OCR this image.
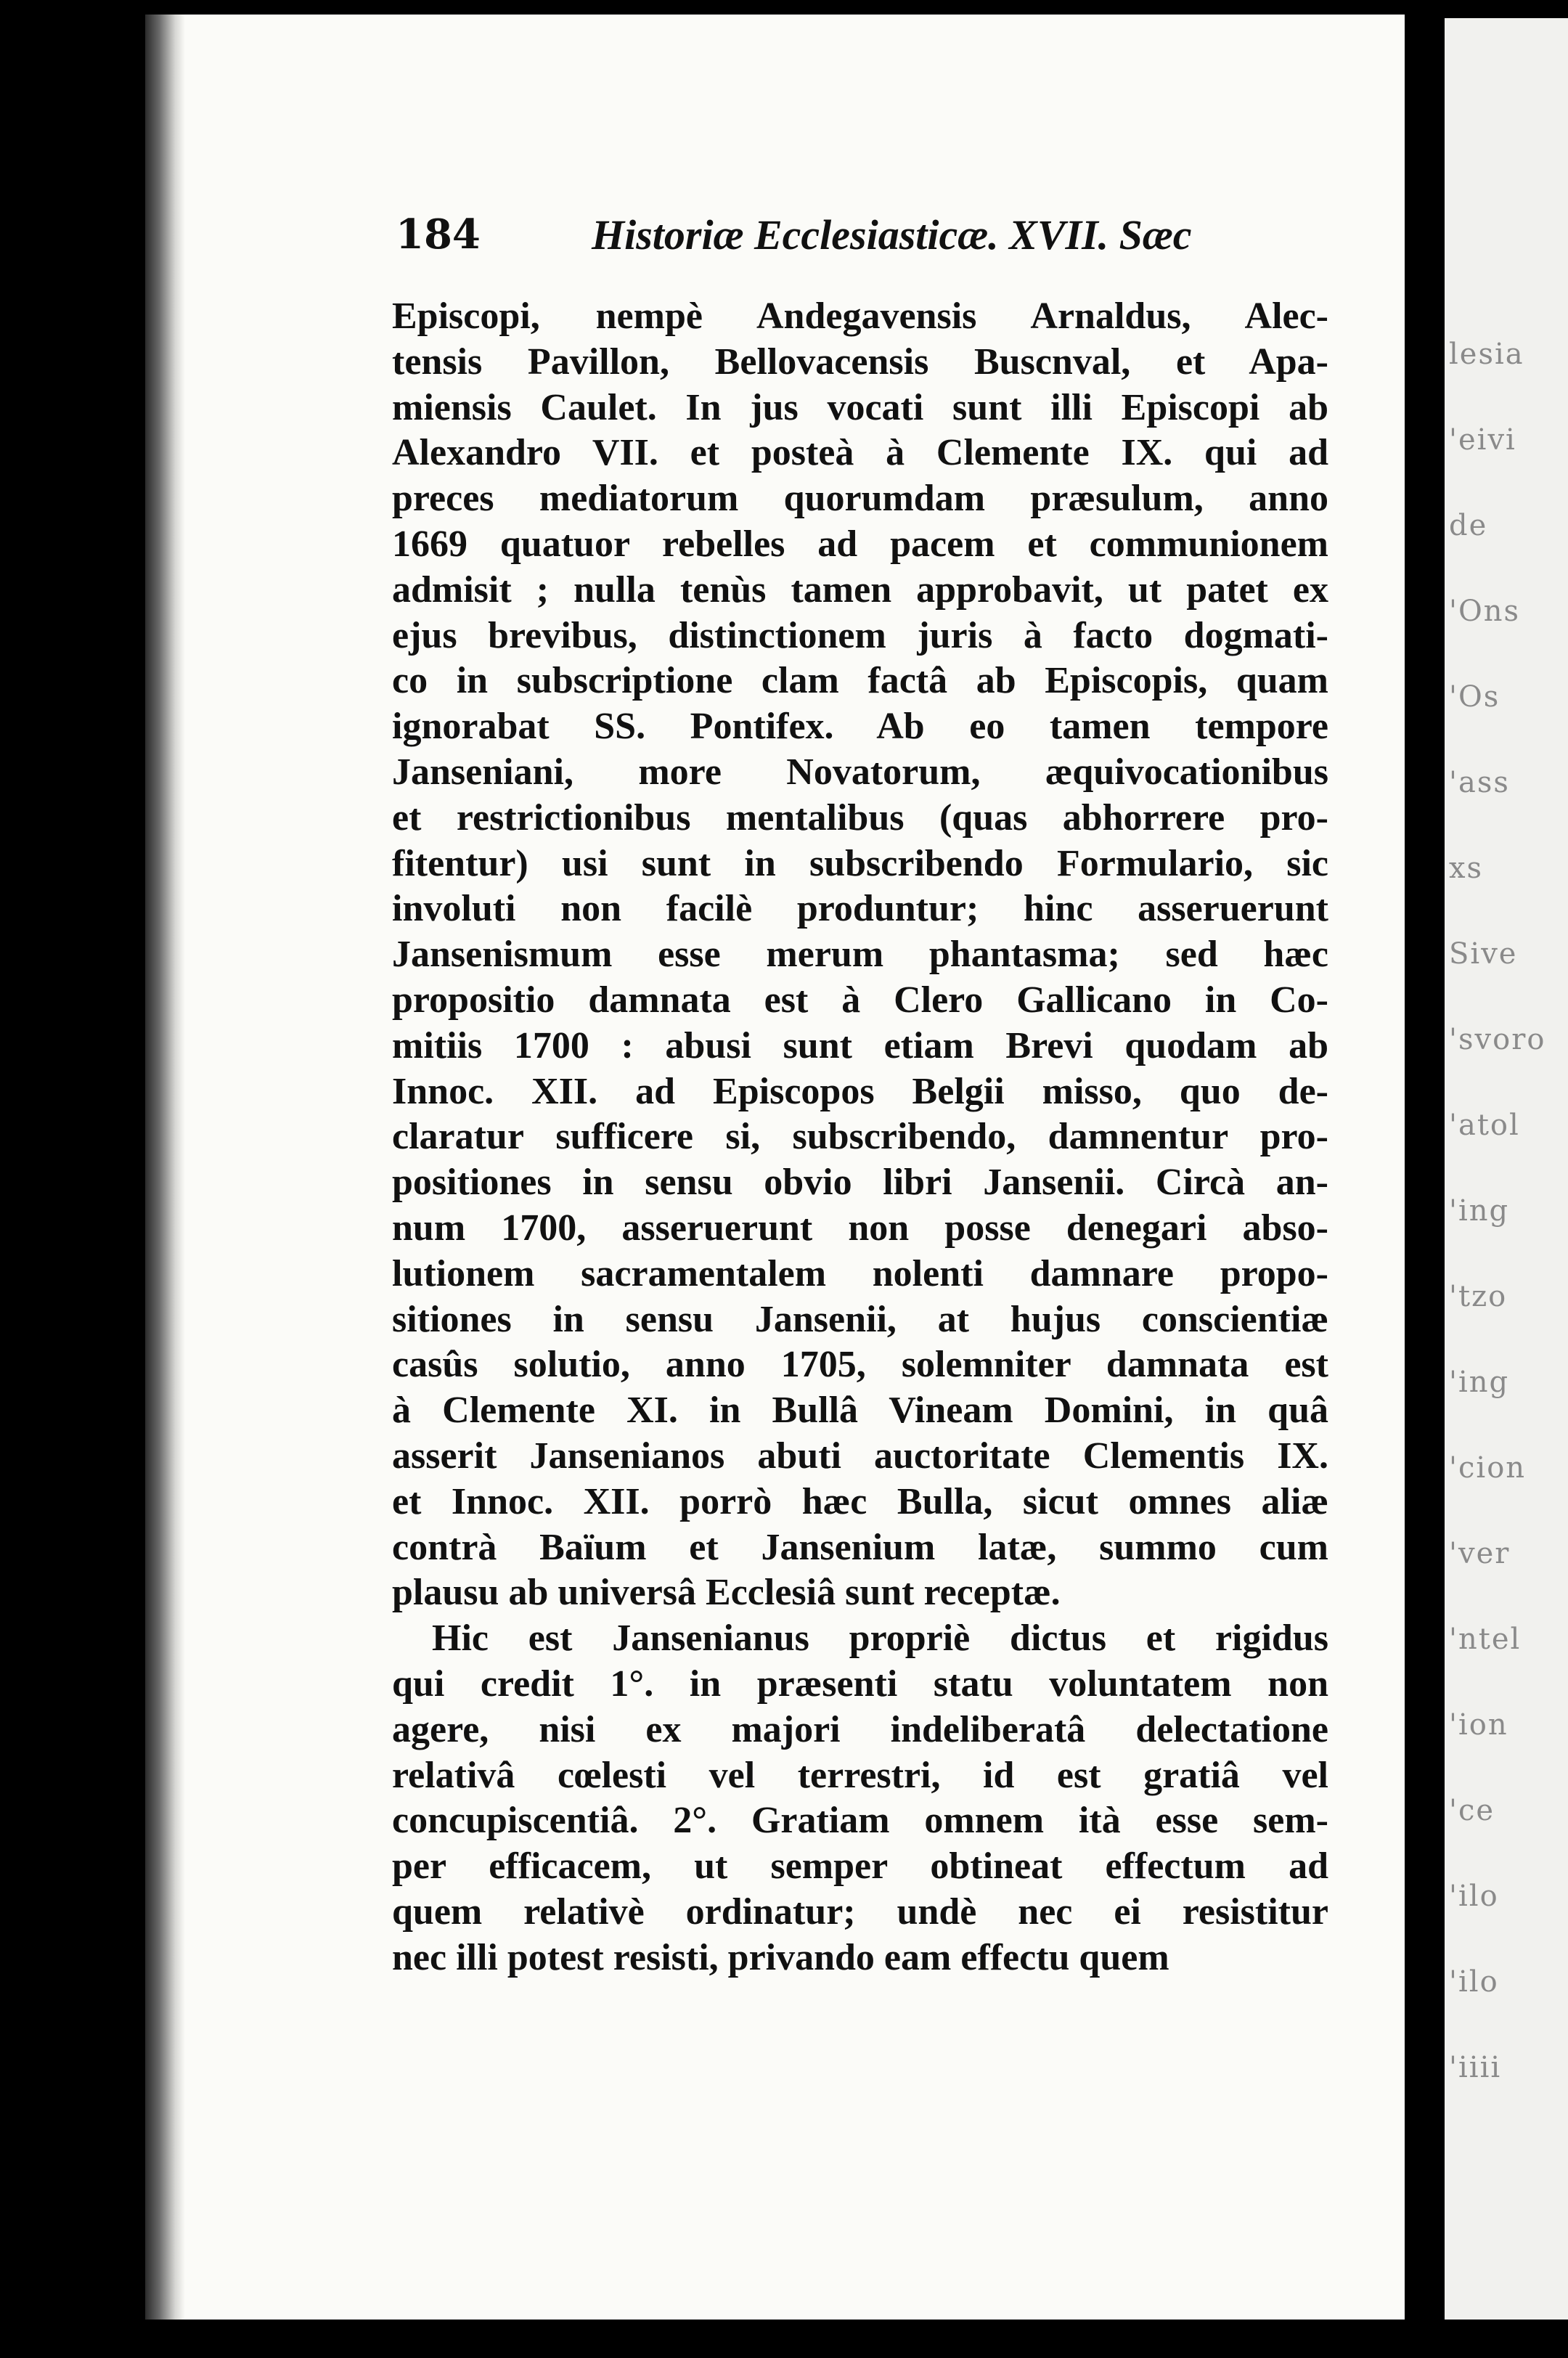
lesia
'eivi
de
'Ons
'Os
'ass
xs
Sive
'svoro
'atol
'ing
'tzo
'ing
'cion
'ver
'ntel
'ion
'ce
'ilo
'ilo
'iiii
184	Historiæ Ecclesiasticæ. XVII. Sæc
Episcopi, nempè Andegavensis Arnaldus, Alec-
tensis Pavillon, Bellovacensis Buscnval, et Apa-
miensis Caulet. In jus vocati sunt illi Episcopi ab
Alexandro VII. et posteà à Clemente IX. qui ad
preces mediatorum quorumdam præsulum, anno
1669 quatuor rebelles ad pacem et communionem
admisit ; nulla tenùs tamen approbavit, ut patet ex
ejus brevibus, distinctionem juris à facto dogmati-
co in subscriptione clam factâ ab Episcopis, quam
ignorabat SS. Pontifex. Ab eo tamen tempore
Janseniani, more Novatorum, æquivocationibus
et restrictionibus mentalibus (quas abhorrere pro-
fitentur) usi sunt in subscribendo Formulario, sic
involuti non facilè produntur; hinc asseruerunt
Jansenismum esse merum phantasma; sed hæc
propositio damnata est à Clero Gallicano in Co-
mitiis 1700 : abusi sunt etiam Brevi quodam ab
Innoc. XII. ad Episcopos Belgii misso, quo de-
claratur sufficere si, subscribendo, damnentur pro-
positiones in sensu obvio libri Jansenii. Circà an-
num 1700, asseruerunt non posse denegari abso-
lutionem sacramentalem nolenti damnare propo-
sitiones in sensu Jansenii, at hujus conscientiæ
casûs solutio, anno 1705, solemniter damnata est
à Clemente XI. in Bullâ Vineam Domini, in quâ
asserit Jansenianos abuti auctoritate Clementis IX.
et Innoc. XII. porrò hæc Bulla, sicut omnes aliæ
contrà Baïum et Jansenium latæ, summo cum
plausu ab universâ Ecclesiâ sunt receptæ.
Hic est Jansenianus propriè dictus et rigidus
qui credit 1°. in præsenti statu voluntatem non
agere, nisi ex majori indeliberatâ delectatione
relativâ cœlesti vel terrestri, id est gratiâ vel
concupiscentiâ. 2°. Gratiam omnem ità esse sem-
per efficacem, ut semper obtineat effectum ad
quem relativè ordinatur; undè nec ei resistitur
nec illi potest resisti, privando eam effectu quem
